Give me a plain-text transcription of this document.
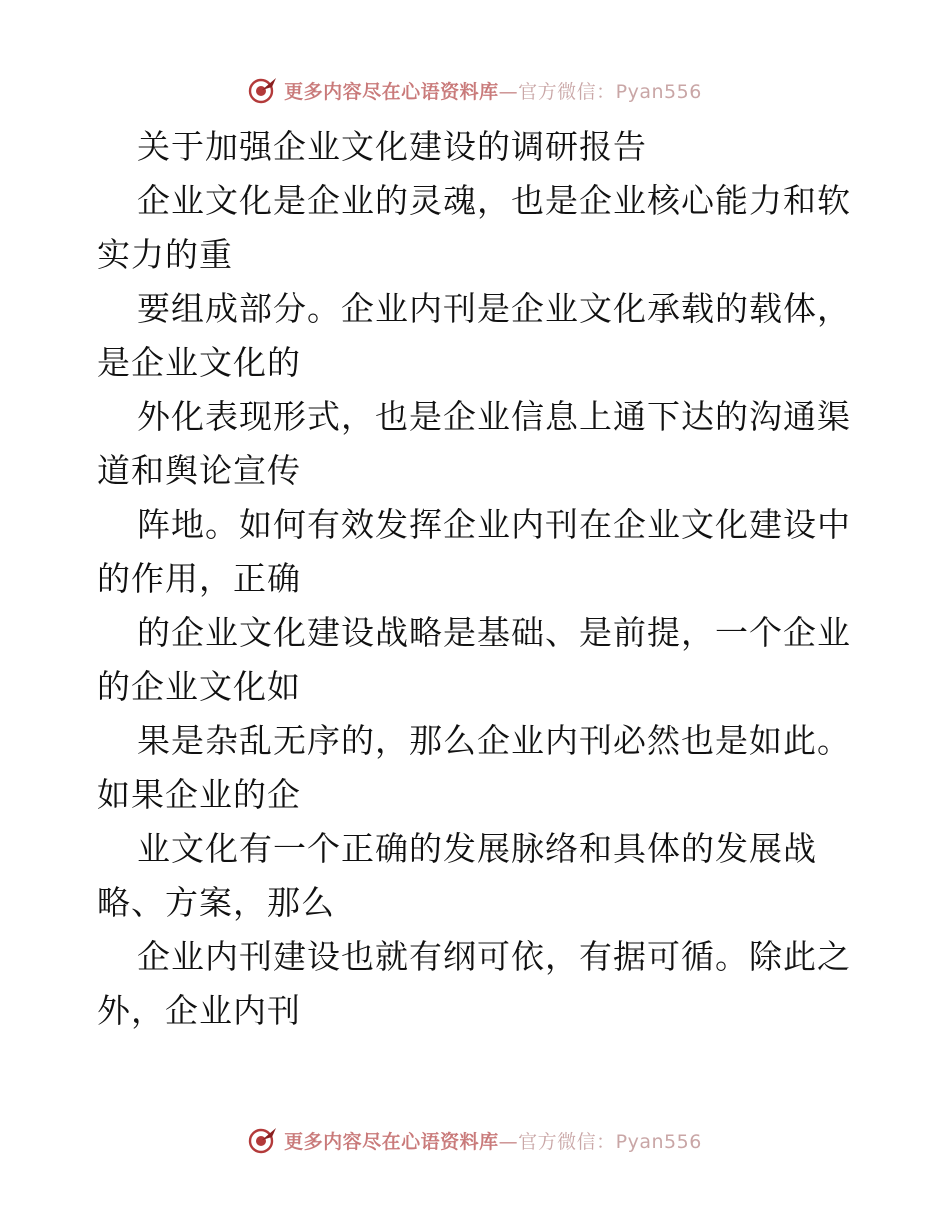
更多内容尽在心语资料库—官方微信：Pyan556
关于加强企业文化建设的调研报告
企业文化是企业的灵魂，也是企业核心能力和软
实力的重
要组成部分。企业内刊是企业文化承载的载体，
是企业文化的
外化表现形式，也是企业信息上通下达的沟通渠
道和舆论宣传
阵地。如何有效发挥企业内刊在企业文化建设中
的作用，正确
的企业文化建设战略是基础、是前提，一个企业
的企业文化如
果是杂乱无序的，那么企业内刊必然也是如此。
如果企业的企
业文化有一个正确的发展脉络和具体的发展战
略、方案，那么
企业内刊建设也就有纲可依，有据可循。除此之
外，企业内刊
更多内容尽在心语资料库—官方微信：Pyan556
